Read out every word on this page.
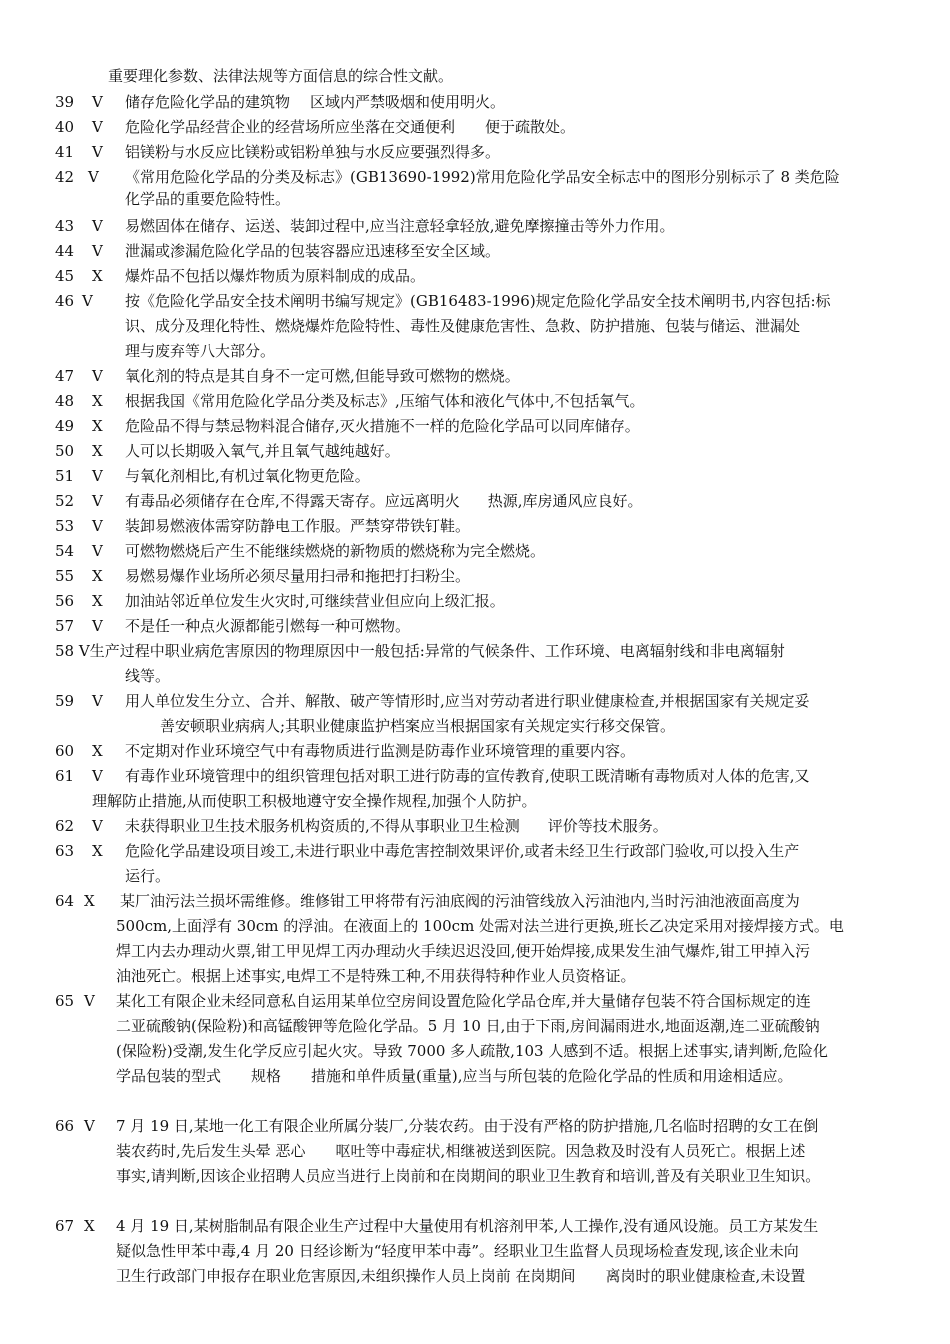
重要理化参数、法律法规等方面信息的综合性文献。
39 V 储存危险化学品的建筑物 区域内严禁吸烟和使用明火。
40 V 危险化学品经营企业的经营场所应坐落在交通便利 便于疏散处。
41 V 铝镁粉与水反应比镁粉或铝粉单独与水反应要强烈得多。
42 V 《常用危险化学品的分类及标志》(GB13690-1992)常用危险化学品安全标志中的图形分别标示了 8 类危险
化学品的重要危险特性。
43 V 易燃固体在储存、运送、装卸过程中,应当注意轻拿轻放,避免摩擦撞击等外力作用。
44 V 泄漏或渗漏危险化学品的包装容器应迅速移至安全区域。
45 X 爆炸品不包括以爆炸物质为原料制成的成品。
46 V 按《危险化学品安全技术阐明书编写规定》(GB16483-1996)规定危险化学品安全技术阐明书,内容包括:标
识、成分及理化特性、燃烧爆炸危险特性、毒性及健康危害性、急救、防护措施、包装与储运、泄漏处
理与废弃等八大部分。
47 V 氧化剂的特点是其自身不一定可燃,但能导致可燃物的燃烧。
48 X 根据我国《常用危险化学品分类及标志》,压缩气体和液化气体中,不包括氧气。
49 X 危险品不得与禁忌物料混合储存,灭火措施不一样的危险化学品可以同库储存。
50 X 人可以长期吸入氧气,并且氧气越纯越好。
51 V 与氧化剂相比,有机过氧化物更危险。
52 V 有毒品必须储存在仓库,不得露天寄存。应远离明火 热源,库房通风应良好。
53 V 装卸易燃液体需穿防静电工作服。严禁穿带铁钉鞋。
54 V 可燃物燃烧后产生不能继续燃烧的新物质的燃烧称为完全燃烧。
55 X 易燃易爆作业场所必须尽量用扫帚和拖把打扫粉尘。
56 X 加油站邻近单位发生火灾时,可继续营业但应向上级汇报。
57 V 不是任一种点火源都能引燃每一种可燃物。
58 V生产过程中职业病危害原因的物理原因中一般包括:异常的气候条件、工作环境、电离辐射线和非电离辐射
线等。
59 V 用人单位发生分立、合并、解散、破产等情形时,应当对劳动者进行职业健康检查,并根据国家有关规定妥
善安顿职业病病人;其职业健康监护档案应当根据国家有关规定实行移交保管。
60 X 不定期对作业环境空气中有毒物质进行监测是防毒作业环境管理的重要内容。
61 V 有毒作业环境管理中的组织管理包括对职工进行防毒的宣传教育,使职工既清晰有毒物质对人体的危害,又
理解防止措施,从而使职工积极地遵守安全操作规程,加强个人防护。
62 V 未获得职业卫生技术服务机构资质的,不得从事职业卫生检测 评价等技术服务。
63 X 危险化学品建设项目竣工,未进行职业中毒危害控制效果评价,或者未经卫生行政部门验收,可以投入生产
运行。
64 X 某厂油污法兰损坏需维修。维修钳工甲将带有污油底阀的污油管线放入污油池内,当时污油池液面高度为
500cm,上面浮有 30cm 的浮油。在液面上的 100cm 处需对法兰进行更换,班长乙决定采用对接焊接方式。电
焊工内去办理动火票,钳工甲见焊工丙办理动火手续迟迟没回,便开始焊接,成果发生油气爆炸,钳工甲掉入污
油池死亡。根据上述事实,电焊工不是特殊工种,不用获得特种作业人员资格证。
65 V 某化工有限企业未经同意私自运用某单位空房间设置危险化学品仓库,并大量储存包装不符合国标规定的连
二亚硫酸钠(保险粉)和高锰酸钾等危险化学品。5 月 10 日,由于下雨,房间漏雨进水,地面返潮,连二亚硫酸钠
(保险粉)受潮,发生化学反应引起火灾。导致 7000 多人疏散,103 人感到不适。根据上述事实,请判断,危险化
学品包装的型式 规格 措施和单件质量(重量),应当与所包装的危险化学品的性质和用途相适应。
66 V 7 月 19 日,某地一化工有限企业所属分装厂,分装农药。由于没有严格的防护措施,几名临时招聘的女工在倒
装农药时,先后发生头晕 恶心 呕吐等中毒症状,相继被送到医院。因急救及时没有人员死亡。根据上述
事实,请判断,因该企业招聘人员应当进行上岗前和在岗期间的职业卫生教育和培训,普及有关职业卫生知识。
67 X 4 月 19 日,某树脂制品有限企业生产过程中大量使用有机溶剂甲苯,人工操作,没有通风设施。员工方某发生
疑似急性甲苯中毒,4 月 20 日经诊断为“轻度甲苯中毒”。经职业卫生监督人员现场检查发现,该企业未向
卫生行政部门申报存在职业危害原因,未组织操作人员上岗前 在岗期间 离岗时的职业健康检查,未设置
